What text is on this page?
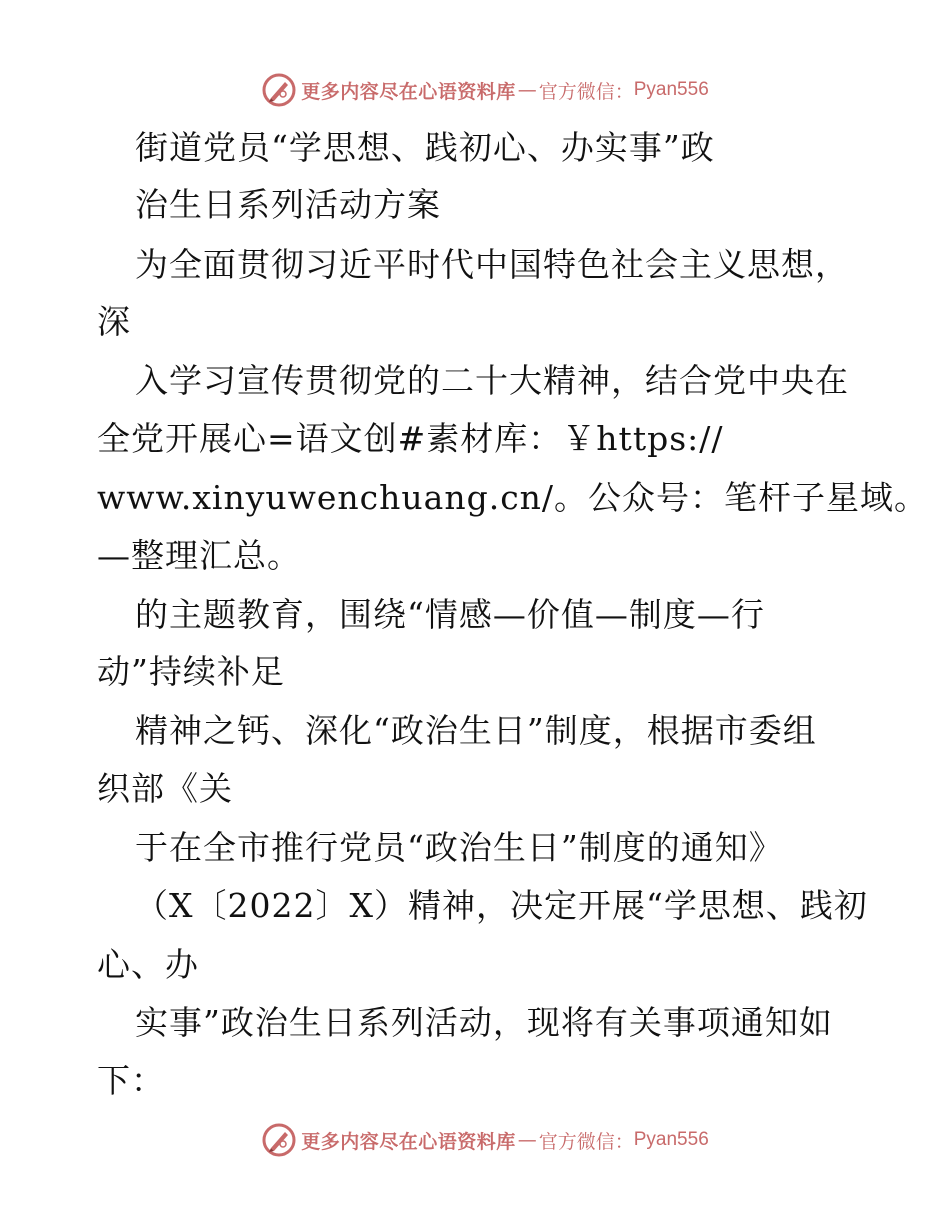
更多内容尽在心语资料库 — 官方微信： Pyan556
街道党员“学思想、践初心、办实事”政
治生日系列活动方案
为全面贯彻习近平时代中国特色社会主义思想，
深
入学习宣传贯彻党的二十大精神，结合党中央在
全党开展心=语文创#素材库：￥https://
www.xinyuwenchuang.cn/。公众号：笔杆子星域。
—整理汇总。
的主题教育，围绕“情感—价值—制度—行
动”持续补足
精神之钙、深化“政治生日”制度，根据市委组
织部《关
于在全市推行党员“政治生日”制度的通知》
（X〔2022〕X）精神，决定开展“学思想、践初
心、办
实事”政治生日系列活动，现将有关事项通知如
下：
更多内容尽在心语资料库 — 官方微信： Pyan556
